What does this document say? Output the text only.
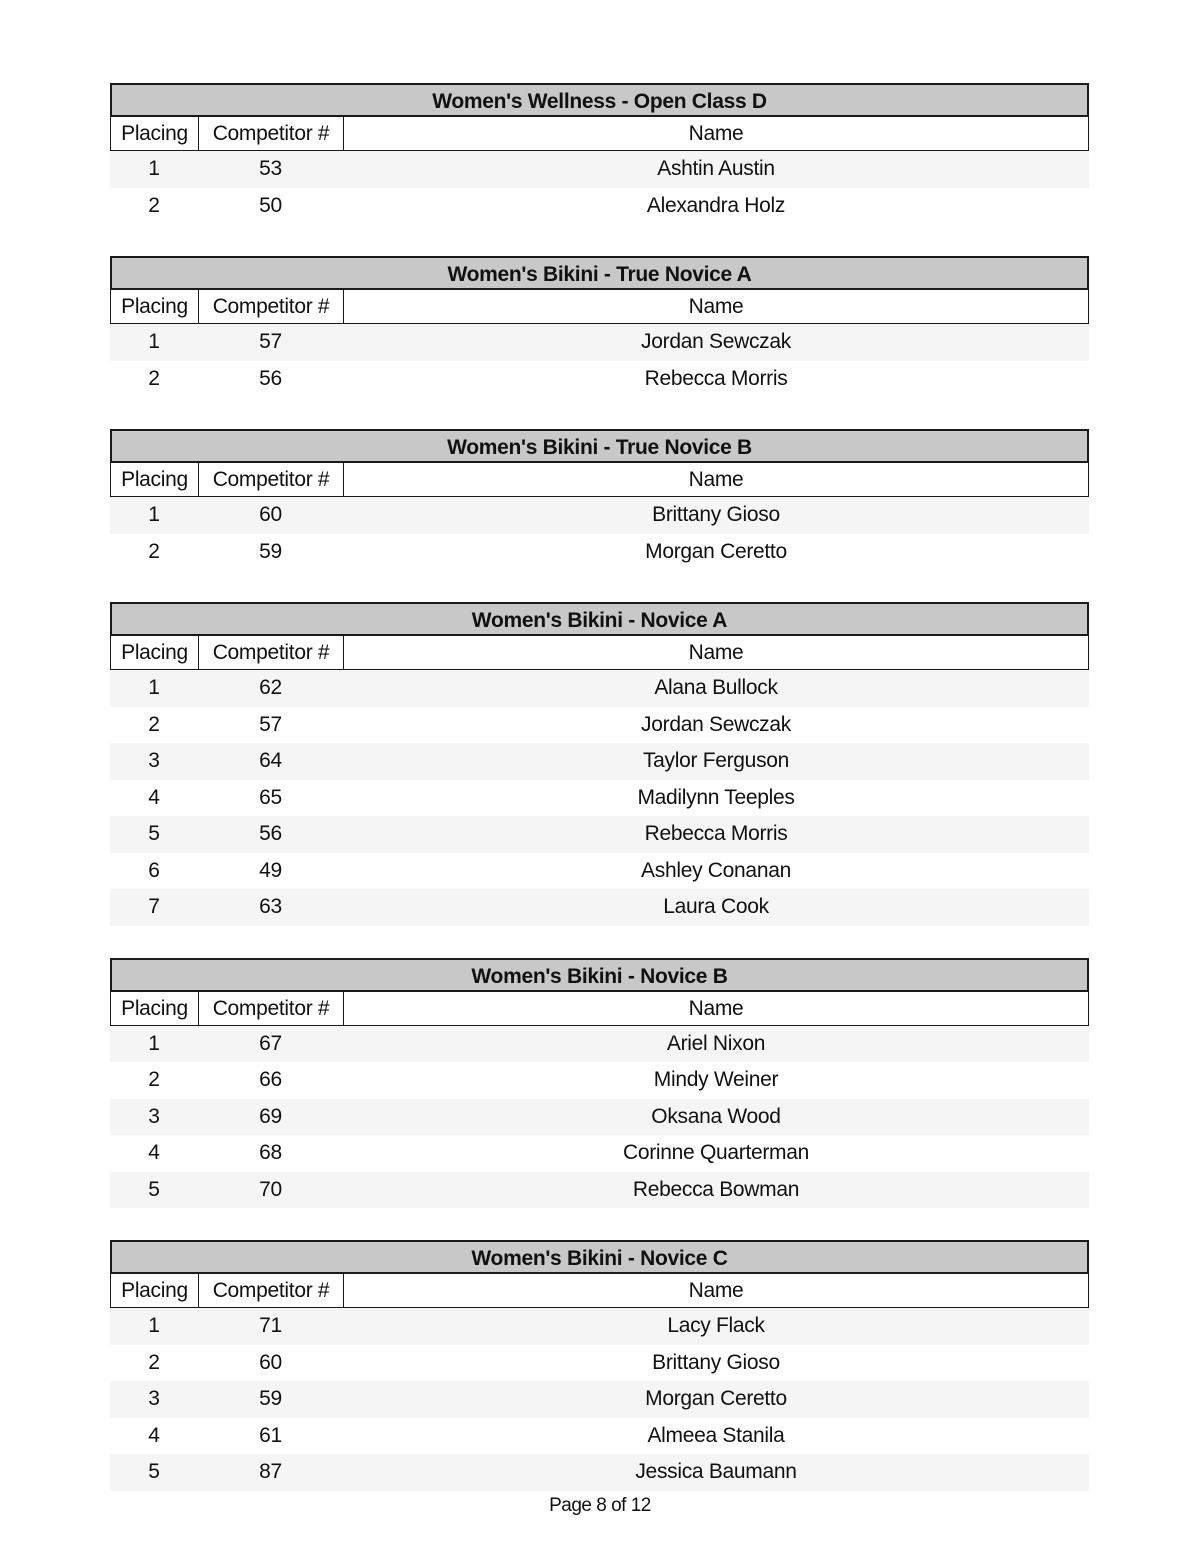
Women's Wellness - Open Class D
Placing	Competitor #	Name
1	53	Ashtin Austin
2	50	Alexandra Holz
Women's Bikini - True Novice A
Placing	Competitor #	Name
1	57	Jordan Sewczak
2	56	Rebecca Morris
Women's Bikini - True Novice B
Placing	Competitor #	Name
1	60	Brittany Gioso
2	59	Morgan Ceretto
Women's Bikini - Novice A
Placing	Competitor #	Name
1	62	Alana Bullock
2	57	Jordan Sewczak
3	64	Taylor Ferguson
4	65	Madilynn Teeples
5	56	Rebecca Morris
6	49	Ashley Conanan
7	63	Laura Cook
Women's Bikini - Novice B
Placing	Competitor #	Name
1	67	Ariel Nixon
2	66	Mindy Weiner
3	69	Oksana Wood
4	68	Corinne Quarterman
5	70	Rebecca Bowman
Women's Bikini - Novice C
Placing	Competitor #	Name
1	71	Lacy Flack
2	60	Brittany Gioso
3	59	Morgan Ceretto
4	61	Almeea Stanila
5	87	Jessica Baumann
Page 8 of 12
